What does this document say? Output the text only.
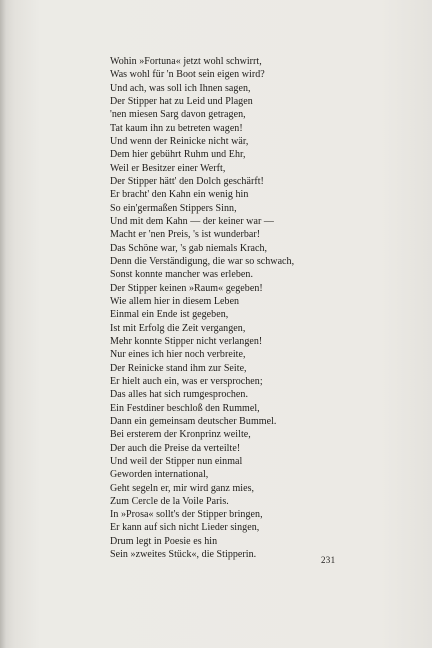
Wohin »Fortuna« jetzt wohl schwirrt,
Was wohl für 'n Boot sein eigen wird?
Und ach, was soll ich Ihnen sagen,
Der Stipper hat zu Leid und Plagen
'nen miesen Sarg davon getragen,
Tat kaum ihn zu betreten wagen!
Und wenn der Reinicke nicht wär,
Dem hier gebührt Ruhm und Ehr,
Weil er Besitzer einer Werft,
Der Stipper hätt' den Dolch geschärft!
Er bracht' den Kahn ein wenig hin
So ein'germaßen Stippers Sinn,
Und mit dem Kahn — der keiner war —
Macht er 'nen Preis, 's ist wunderbar!
Das Schöne war, 's gab niemals Krach,
Denn die Verständigung, die war so schwach,
Sonst konnte mancher was erleben.
Der Stipper keinen »Raum« gegeben!
Wie allem hier in diesem Leben
Einmal ein Ende ist gegeben,
Ist mit Erfolg die Zeit vergangen,
Mehr konnte Stipper nicht verlangen!
Nur eines ich hier noch verbreite,
Der Reinicke stand ihm zur Seite,
Er hielt auch ein, was er versprochen;
Das alles hat sich rumgesprochen.
Ein Festdiner beschloß den Rummel,
Dann ein gemeinsam deutscher Bummel.
Bei ersterem der Kronprinz weilte,
Der auch die Preise da verteilte!
Und weil der Stipper nun einmal
Geworden international,
Geht segeln er, mir wird ganz mies,
Zum Cercle de la Voile Paris.
In »Prosa« sollt's der Stipper bringen,
Er kann auf sich nicht Lieder singen,
Drum legt in Poesie es hin
Sein »zweites Stück«, die Stipperin.	231
